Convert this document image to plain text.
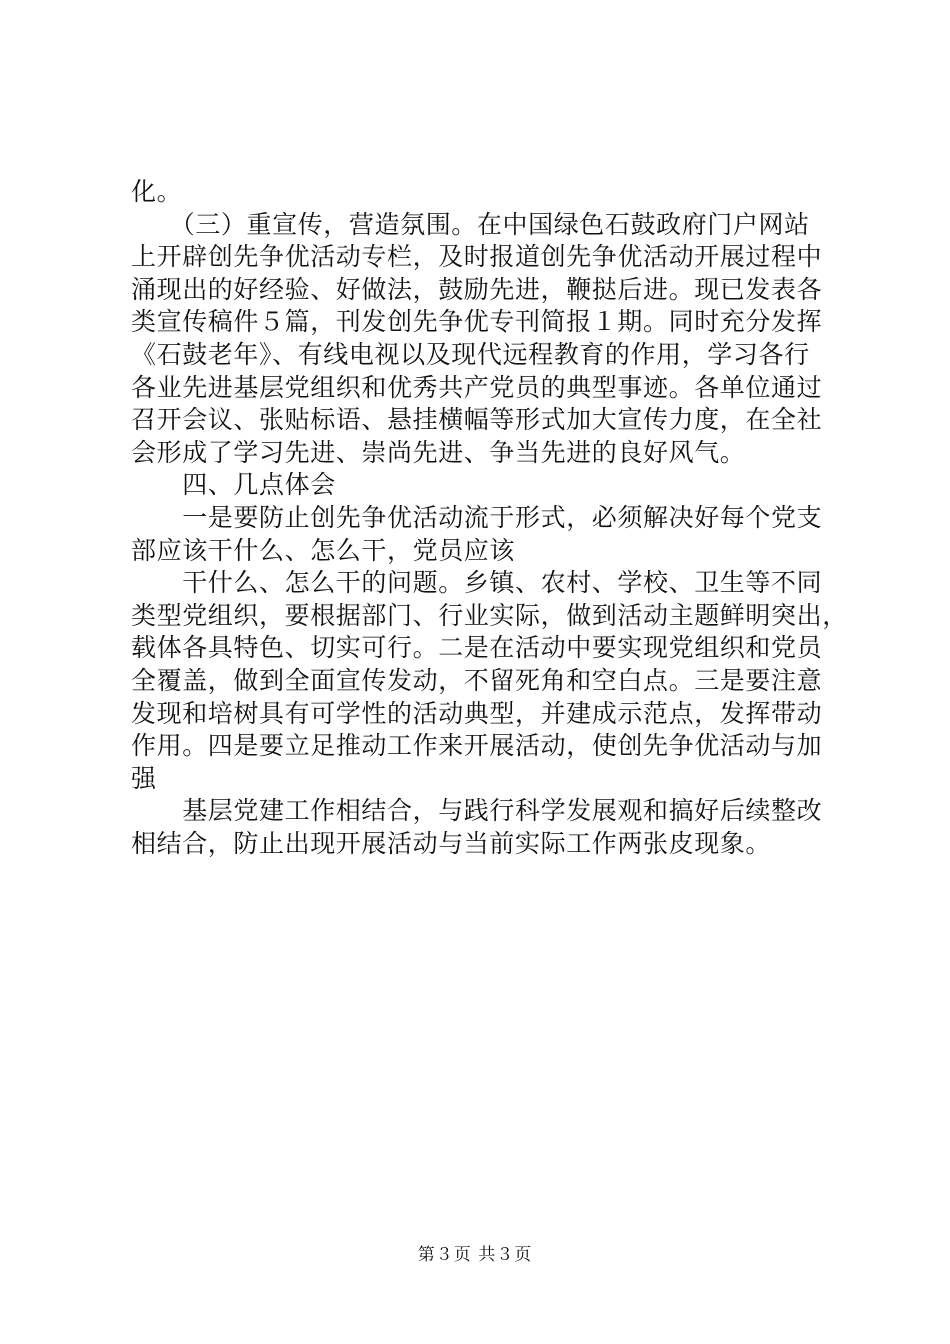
化。
　　（三）重宣传，营造氛围。在中国绿色石鼓政府门户网站
上开辟创先争优活动专栏，及时报道创先争优活动开展过程中
涌现出的好经验、好做法，鼓励先进，鞭挞后进。现已发表各
类宣传稿件５篇，刊发创先争优专刊简报１期。同时充分发挥
《石鼓老年》、有线电视以及现代远程教育的作用，学习各行
各业先进基层党组织和优秀共产党员的典型事迹。各单位通过
召开会议、张贴标语、悬挂横幅等形式加大宣传力度，在全社
会形成了学习先进、崇尚先进、争当先进的良好风气。
　　四、几点体会
　　一是要防止创先争优活动流于形式，必须解决好每个党支
部应该干什么、怎么干，党员应该
　　干什么、怎么干的问题。乡镇、农村、学校、卫生等不同
类型党组织，要根据部门、行业实际，做到活动主题鲜明突出，
载体各具特色、切实可行。二是在活动中要实现党组织和党员
全覆盖，做到全面宣传发动，不留死角和空白点。三是要注意
发现和培树具有可学性的活动典型，并建成示范点，发挥带动
作用。四是要立足推动工作来开展活动，使创先争优活动与加
强
　　基层党建工作相结合，与践行科学发展观和搞好后续整改
相结合，防止出现开展活动与当前实际工作两张皮现象。
第３页 共３页
